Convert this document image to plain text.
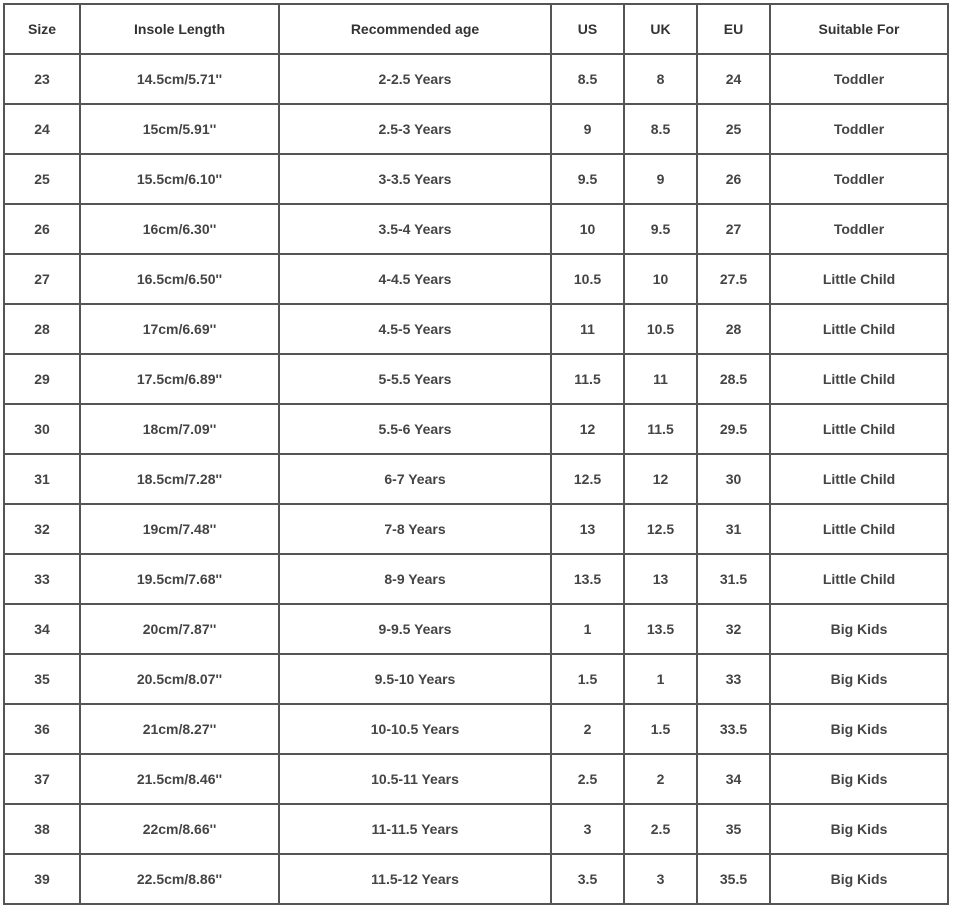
Size	Insole Length	Recommended age	US	UK	EU	Suitable For
23	14.5cm/5.71''	2-2.5 Years	8.5	8	24	Toddler
24	15cm/5.91''	2.5-3 Years	9	8.5	25	Toddler
25	15.5cm/6.10''	3-3.5 Years	9.5	9	26	Toddler
26	16cm/6.30''	3.5-4 Years	10	9.5	27	Toddler
27	16.5cm/6.50''	4-4.5 Years	10.5	10	27.5	Little Child
28	17cm/6.69''	4.5-5 Years	11	10.5	28	Little Child
29	17.5cm/6.89''	5-5.5 Years	11.5	11	28.5	Little Child
30	18cm/7.09''	5.5-6 Years	12	11.5	29.5	Little Child
31	18.5cm/7.28''	6-7 Years	12.5	12	30	Little Child
32	19cm/7.48''	7-8 Years	13	12.5	31	Little Child
33	19.5cm/7.68''	8-9 Years	13.5	13	31.5	Little Child
34	20cm/7.87''	9-9.5 Years	1	13.5	32	Big Kids
35	20.5cm/8.07''	9.5-10 Years	1.5	1	33	Big Kids
36	21cm/8.27''	10-10.5 Years	2	1.5	33.5	Big Kids
37	21.5cm/8.46''	10.5-11 Years	2.5	2	34	Big Kids
38	22cm/8.66''	11-11.5 Years	3	2.5	35	Big Kids
39	22.5cm/8.86''	11.5-12 Years	3.5	3	35.5	Big Kids
